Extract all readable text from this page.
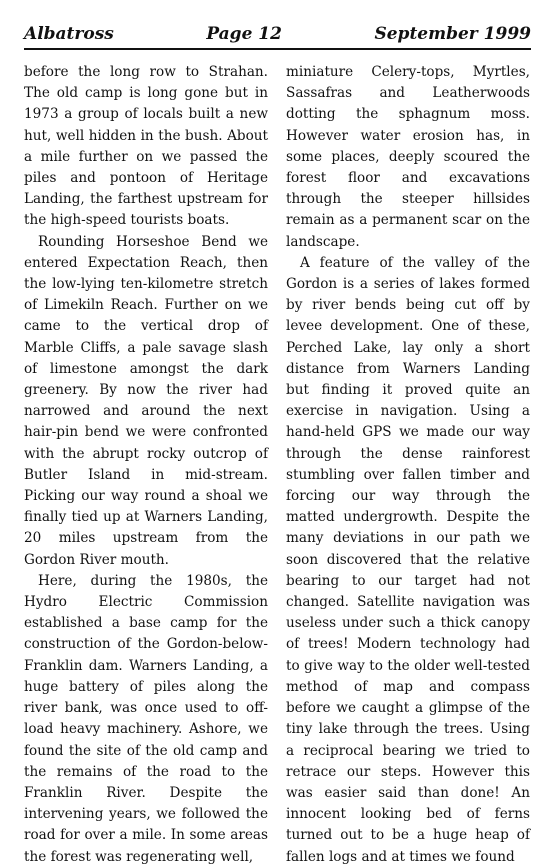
Albatross	Page 12	September 1999

before the long row to Strahan. The old camp is long gone but in 1973 a group of locals built a new hut, well hidden in the bush. About a mile further on we passed the piles and pontoon of Heritage Landing, the farthest upstream for the high-speed tourists boats.

Rounding Horseshoe Bend we entered Expectation Reach, then the low-lying ten-kilometre stretch of Limekiln Reach. Further on we came to the vertical drop of Marble Cliffs, a pale savage slash of limestone amongst the dark greenery. By now the river had narrowed and around the next hair-pin bend we were confronted with the abrupt rocky outcrop of Butler Island in mid-stream. Picking our way round a shoal we finally tied up at Warners Landing, 20 miles upstream from the Gordon River mouth.

Here, during the 1980s, the Hydro Electric Commission established a base camp for the construction of the Gordon-below-Franklin dam. Warners Landing, a huge battery of piles along the river bank, was once used to off-load heavy machinery. Ashore, we found the site of the old camp and the remains of the road to the Franklin River. Despite the intervening years, we followed the road for over a mile. In some areas the forest was regenerating well,

miniature Celery-tops, Myrtles, Sassafras and Leatherwoods dotting the sphagnum moss. However water erosion has, in some places, deeply scoured the forest floor and excavations through the steeper hillsides remain as a permanent scar on the landscape.

A feature of the valley of the Gordon is a series of lakes formed by river bends being cut off by levee development. One of these, Perched Lake, lay only a short distance from Warners Landing but finding it proved quite an exercise in navigation. Using a hand-held GPS we made our way through the dense rainforest stumbling over fallen timber and forcing our way through the matted undergrowth. Despite the many deviations in our path we soon discovered that the relative bearing to our target had not changed. Satellite navigation was useless under such a thick canopy of trees! Modern technology had to give way to the older well-tested method of map and compass before we caught a glimpse of the tiny lake through the trees. Using a reciprocal bearing we tried to retrace our steps. However this was easier said than done! An innocent looking bed of ferns turned out to be a huge heap of fallen logs and at times we found
